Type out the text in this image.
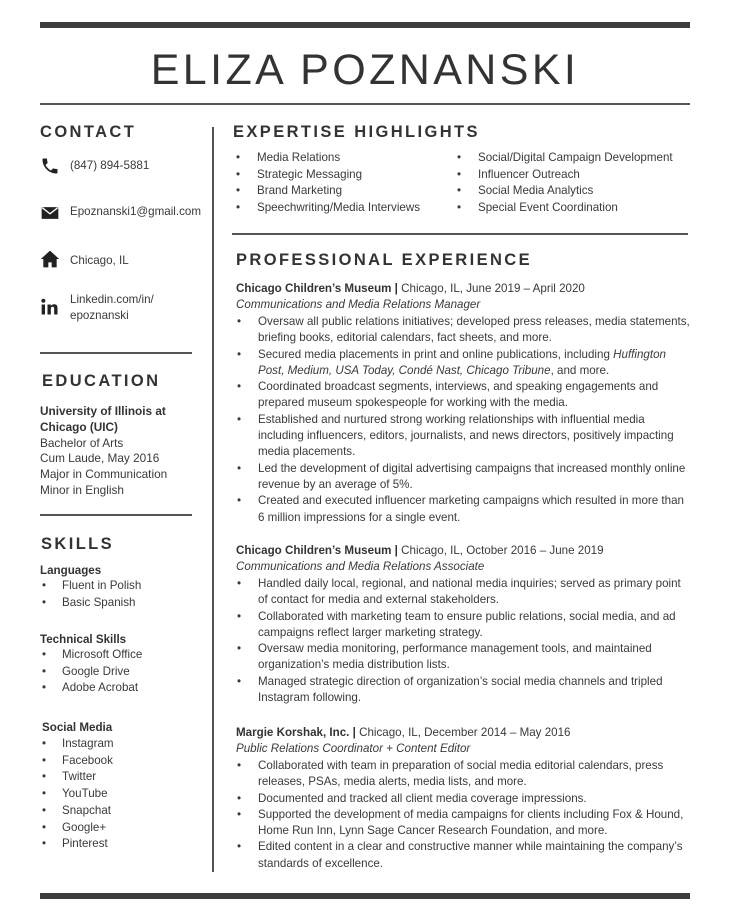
ELIZA POZNANSKI
CONTACT
(847) 894-5881
Epoznanski1@gmail.com
Chicago, IL
Linkedin.com/in/
epoznanski
EDUCATION
University of Illinois at
Chicago (UIC)
Bachelor of Arts
Cum Laude, May 2016
Major in Communication
Minor in English
SKILLS
Languages
• Fluent in Polish
• Basic Spanish
Technical Skills
• Microsoft Office
• Google Drive
• Adobe Acrobat
Social Media
• Instagram
• Facebook
• Twitter
• YouTube
• Snapchat
• Google+
• Pinterest
EXPERTISE HIGHLIGHTS
• Media Relations
• Strategic Messaging
• Brand Marketing
• Speechwriting/Media Interviews
• Social/Digital Campaign Development
• Influencer Outreach
• Social Media Analytics
• Special Event Coordination
PROFESSIONAL EXPERIENCE
Chicago Children’s Museum | Chicago, IL, June 2019 – April 2020
Communications and Media Relations Manager
• Oversaw all public relations initiatives; developed press releases, media statements, briefing books, editorial calendars, fact sheets, and more.
• Secured media placements in print and online publications, including Huffington Post, Medium, USA Today, Condé Nast, Chicago Tribune, and more.
• Coordinated broadcast segments, interviews, and speaking engagements and prepared museum spokespeople for working with the media.
• Established and nurtured strong working relationships with influential media including influencers, editors, journalists, and news directors, positively impacting media placements.
• Led the development of digital advertising campaigns that increased monthly online revenue by an average of 5%.
• Created and executed influencer marketing campaigns which resulted in more than 6 million impressions for a single event.
Chicago Children’s Museum | Chicago, IL, October 2016 – June 2019
Communications and Media Relations Associate
• Handled daily local, regional, and national media inquiries; served as primary point of contact for media and external stakeholders.
• Collaborated with marketing team to ensure public relations, social media, and ad campaigns reflect larger marketing strategy.
• Oversaw media monitoring, performance management tools, and maintained organization’s media distribution lists.
• Managed strategic direction of organization’s social media channels and tripled Instagram following.
Margie Korshak, Inc. | Chicago, IL, December 2014 – May 2016
Public Relations Coordinator + Content Editor
• Collaborated with team in preparation of social media editorial calendars, press releases, PSAs, media alerts, media lists, and more.
• Documented and tracked all client media coverage impressions.
• Supported the development of media campaigns for clients including Fox & Hound, Home Run Inn, Lynn Sage Cancer Research Foundation, and more.
• Edited content in a clear and constructive manner while maintaining the company’s standards of excellence.
